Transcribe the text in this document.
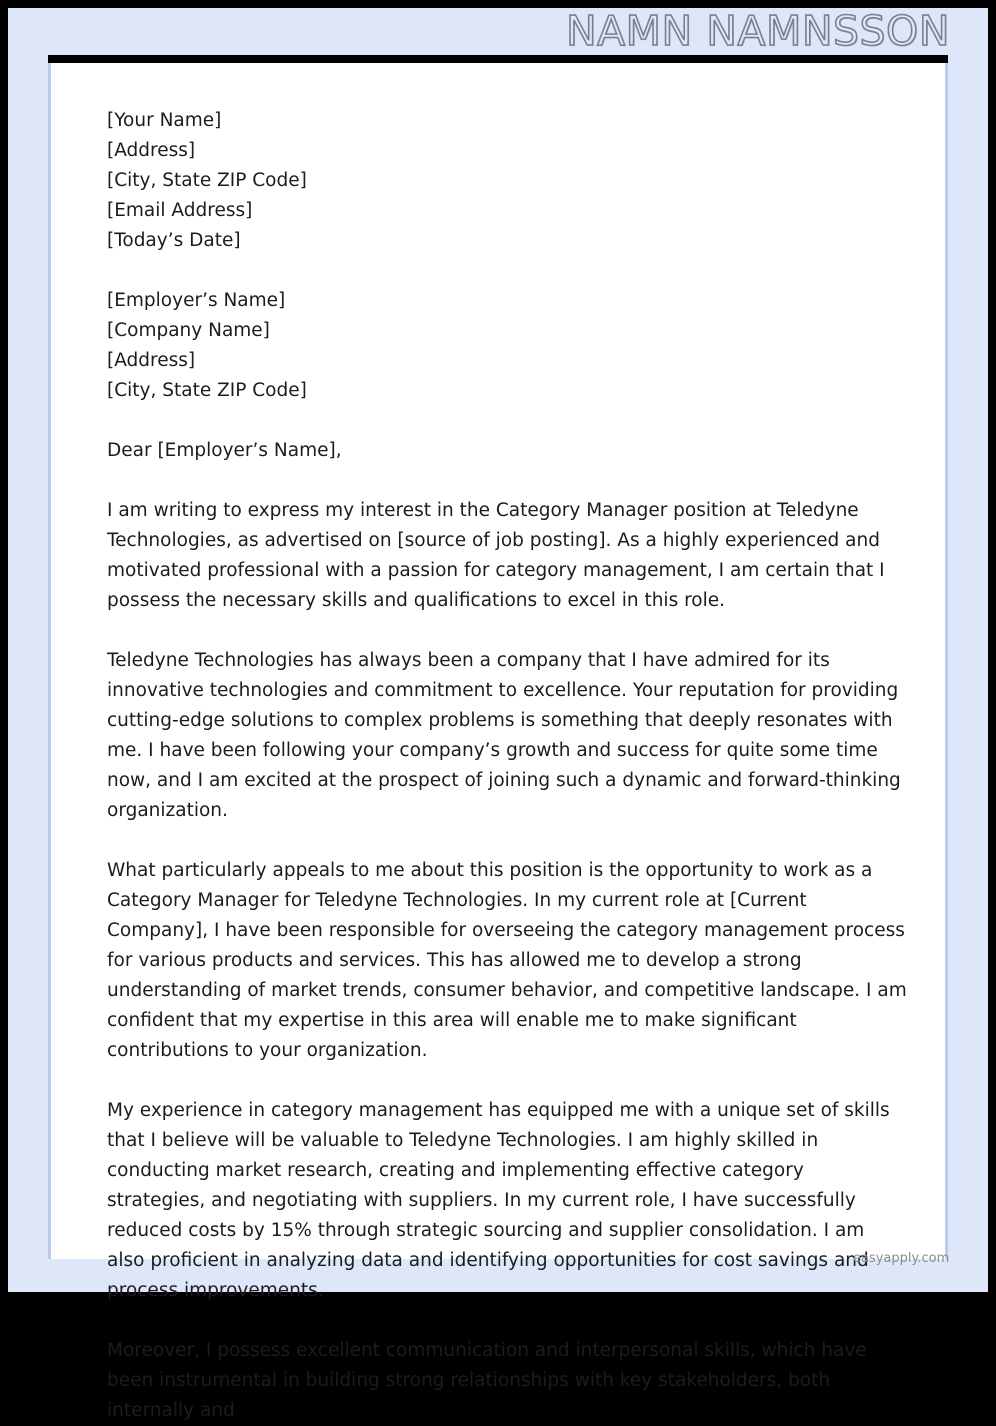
NAMN NAMNSSON
[Your Name]
[Address]
[City, State ZIP Code]
[Email Address]
[Today’s Date]
[Employer’s Name]
[Company Name]
[Address]
[City, State ZIP Code]
Dear [Employer’s Name],

I am writing to express my interest in the Category Manager position at Teledyne Technologies, as advertised on [source of job posting]. As a highly experienced and motivated professional with a passion for category management, I am certain that I possess the necessary skills and qualifications to excel in this role.

Teledyne Technologies has always been a company that I have admired for its innovative technologies and commitment to excellence. Your reputation for providing cutting-edge solutions to complex problems is something that deeply resonates with me. I have been following your company’s growth and success for quite some time now, and I am excited at the prospect of joining such a dynamic and forward-thinking organization.

What particularly appeals to me about this position is the opportunity to work as a Category Manager for Teledyne Technologies. In my current role at [Current Company], I have been responsible for overseeing the category management process for various products and services. This has allowed me to develop a strong understanding of market trends, consumer behavior, and competitive landscape. I am confident that my expertise in this area will enable me to make significant contributions to your organization.

My experience in category management has equipped me with a unique set of skills that I believe will be valuable to Teledyne Technologies. I am highly skilled in conducting market research, creating and implementing effective category strategies, and negotiating with suppliers. In my current role, I have successfully reduced costs by 15% through strategic sourcing and supplier consolidation. I am also proficient in analyzing data and identifying opportunities for cost savings and process improvements.

Moreover, I possess excellent communication and interpersonal skills, which have been instrumental in building strong relationships with key stakeholders, both internally and

easyapply.com
